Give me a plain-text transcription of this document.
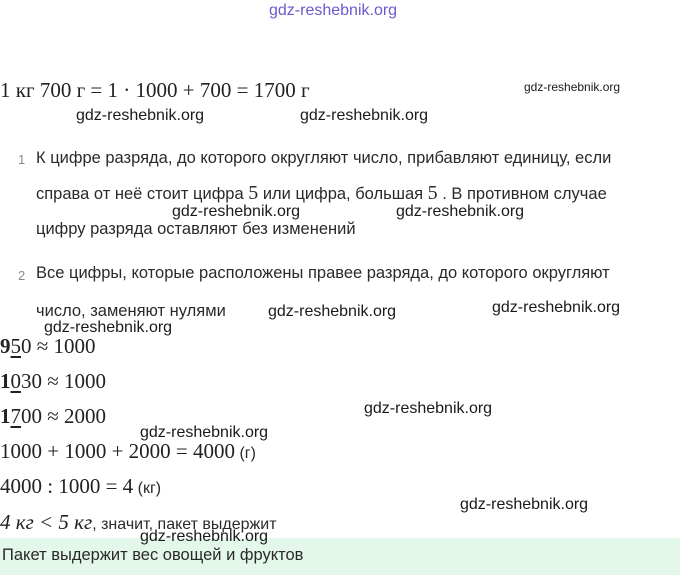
gdz-reshebnik.org
1 кг 700 г = 1 · 1000 + 700 = 1700 г	gdz-reshebnik.org
gdz-reshebnik.org	gdz-reshebnik.org
1 К цифре разряда, до которого округляют число, прибавляют единицу, если
справа от неё стоит цифра 5 или цифра, большая 5 . В противном случае
gdz-reshebnik.org	gdz-reshebnik.org
цифру разряда оставляют без изменений
2 Все цифры, которые расположены правее разряда, до которого округляют
число, заменяют нулями	gdz-reshebnik.org	gdz-reshebnik.org
gdz-reshebnik.org
950 ≈ 1000
1030 ≈ 1000
1700 ≈ 2000	gdz-reshebnik.org
gdz-reshebnik.org
1000 + 1000 + 2000 = 4000 (г)
4000 : 1000 = 4 (кг)
gdz-reshebnik.org
4 кг < 5 кг, значит, пакет выдержит
Пакет выдержит вес овощей и фруктов
gdz-reshebnik.org
